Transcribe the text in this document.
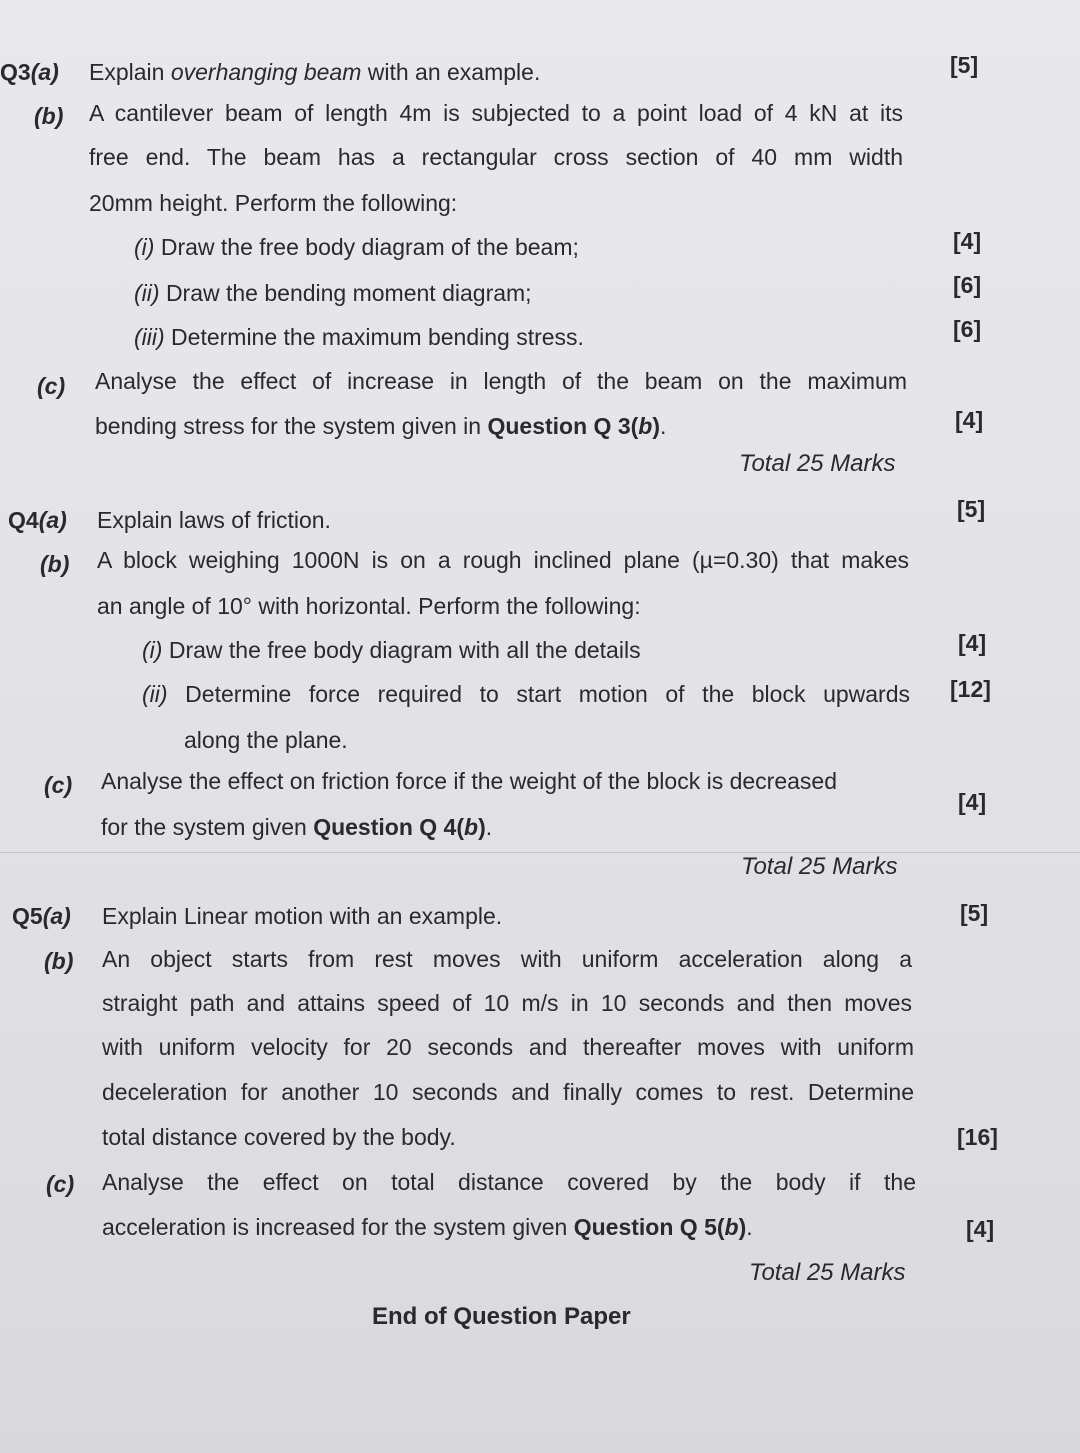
Q3(a) Explain overhanging beam with an example.	[5]
(b) A cantilever beam of length 4m is subjected to a point load of 4 kN at its
free end. The beam has a rectangular cross section of 40 mm width
20mm height. Perform the following:
(i) Draw the free body diagram of the beam;	[4]
(ii) Draw the bending moment diagram;	[6]
(iii) Determine the maximum bending stress.	[6]
(c) Analyse the effect of increase in length of the beam on the maximum
bending stress for the system given in Question Q 3(b).	[4]
Total 25 Marks
Q4(a) Explain laws of friction.	[5]
(b) A block weighing 1000N is on a rough inclined plane (µ=0.30) that makes
an angle of 10° with horizontal. Perform the following:
(i) Draw the free body diagram with all the details	[4]
(ii) Determine force required to start motion of the block upwards [12]
along the plane.
(c) Analyse the effect on friction force if the weight of the block is decreased
for the system given Question Q 4(b).
[4]
Total 25 Marks
Q5(a) Explain Linear motion with an example.	[5]
(b) An object starts from rest moves with uniform acceleration along a
straight path and attains speed of 10 m/s in 10 seconds and then moves
with uniform velocity for 20 seconds and thereafter moves with uniform
deceleration for another 10 seconds and finally comes to rest. Determine
total distance covered by the body.	[16]
(c) Analyse the effect on total distance covered by the body if the
acceleration is increased for the system given Question Q 5(b).	[4]
Total 25 Marks
End of Question Paper
